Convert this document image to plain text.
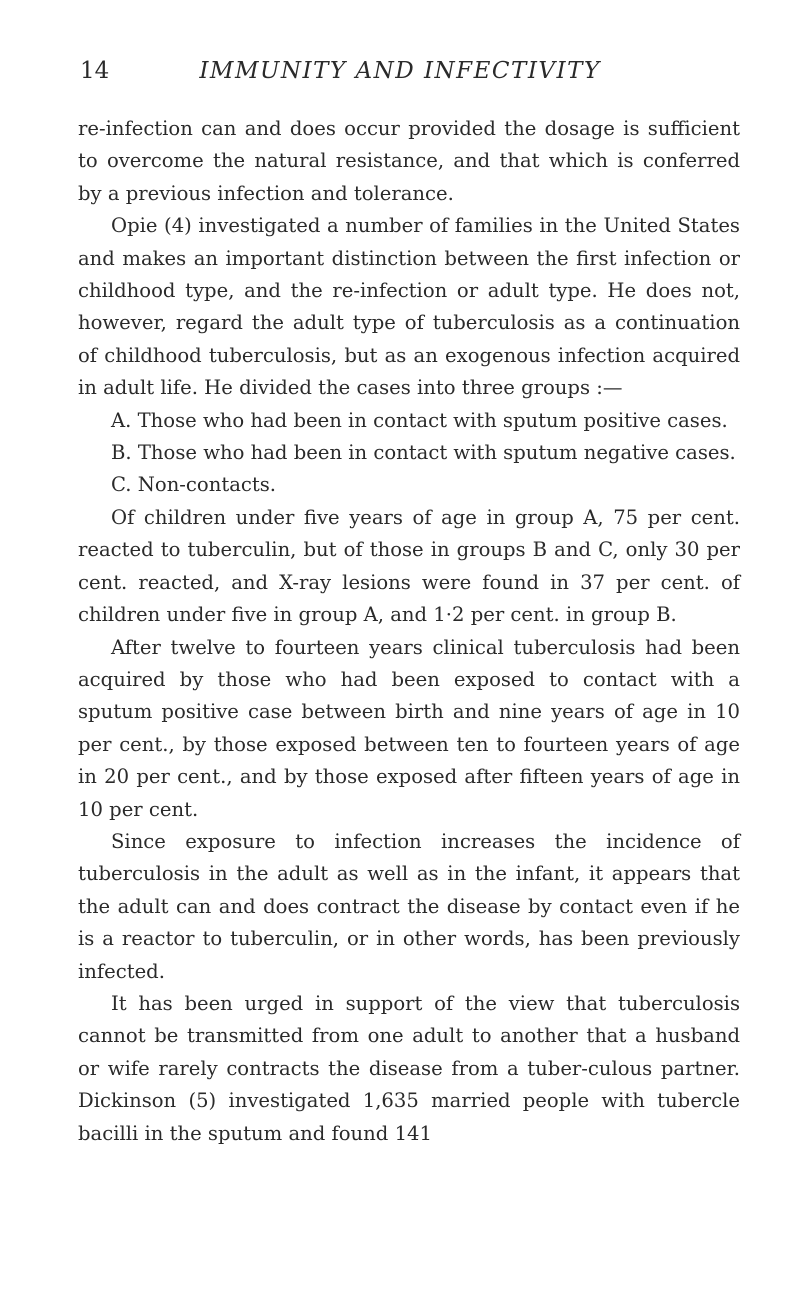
14	IMMUNITY AND INFECTIVITY

re-infection can and does occur provided the dosage is sufficient to overcome the natural resistance, and that which is conferred by a previous infection and tolerance.

Opie (4) investigated a number of families in the United States and makes an important distinction between the first infection or childhood type, and the re-infection or adult type. He does not, however, regard the adult type of tuberculosis as a continuation of childhood tuberculosis, but as an exogenous infection acquired in adult life. He divided the cases into three groups :—

A. Those who had been in contact with sputum positive cases.

B. Those who had been in contact with sputum negative cases.

C. Non-contacts.

Of children under five years of age in group A, 75 per cent. reacted to tuberculin, but of those in groups B and C, only 30 per cent. reacted, and X-ray lesions were found in 37 per cent. of children under five in group A, and 1·2 per cent. in group B.

After twelve to fourteen years clinical tuberculosis had been acquired by those who had been exposed to contact with a sputum positive case between birth and nine years of age in 10 per cent., by those exposed between ten to fourteen years of age in 20 per cent., and by those exposed after fifteen years of age in 10 per cent.

Since exposure to infection increases the incidence of tuberculosis in the adult as well as in the infant, it appears that the adult can and does contract the disease by contact even if he is a reactor to tuberculin, or in other words, has been previously infected.

It has been urged in support of the view that tuberculosis cannot be transmitted from one adult to another that a husband or wife rarely contracts the disease from a tuber-culous partner. Dickinson (5) investigated 1,635 married people with tubercle bacilli in the sputum and found 141
